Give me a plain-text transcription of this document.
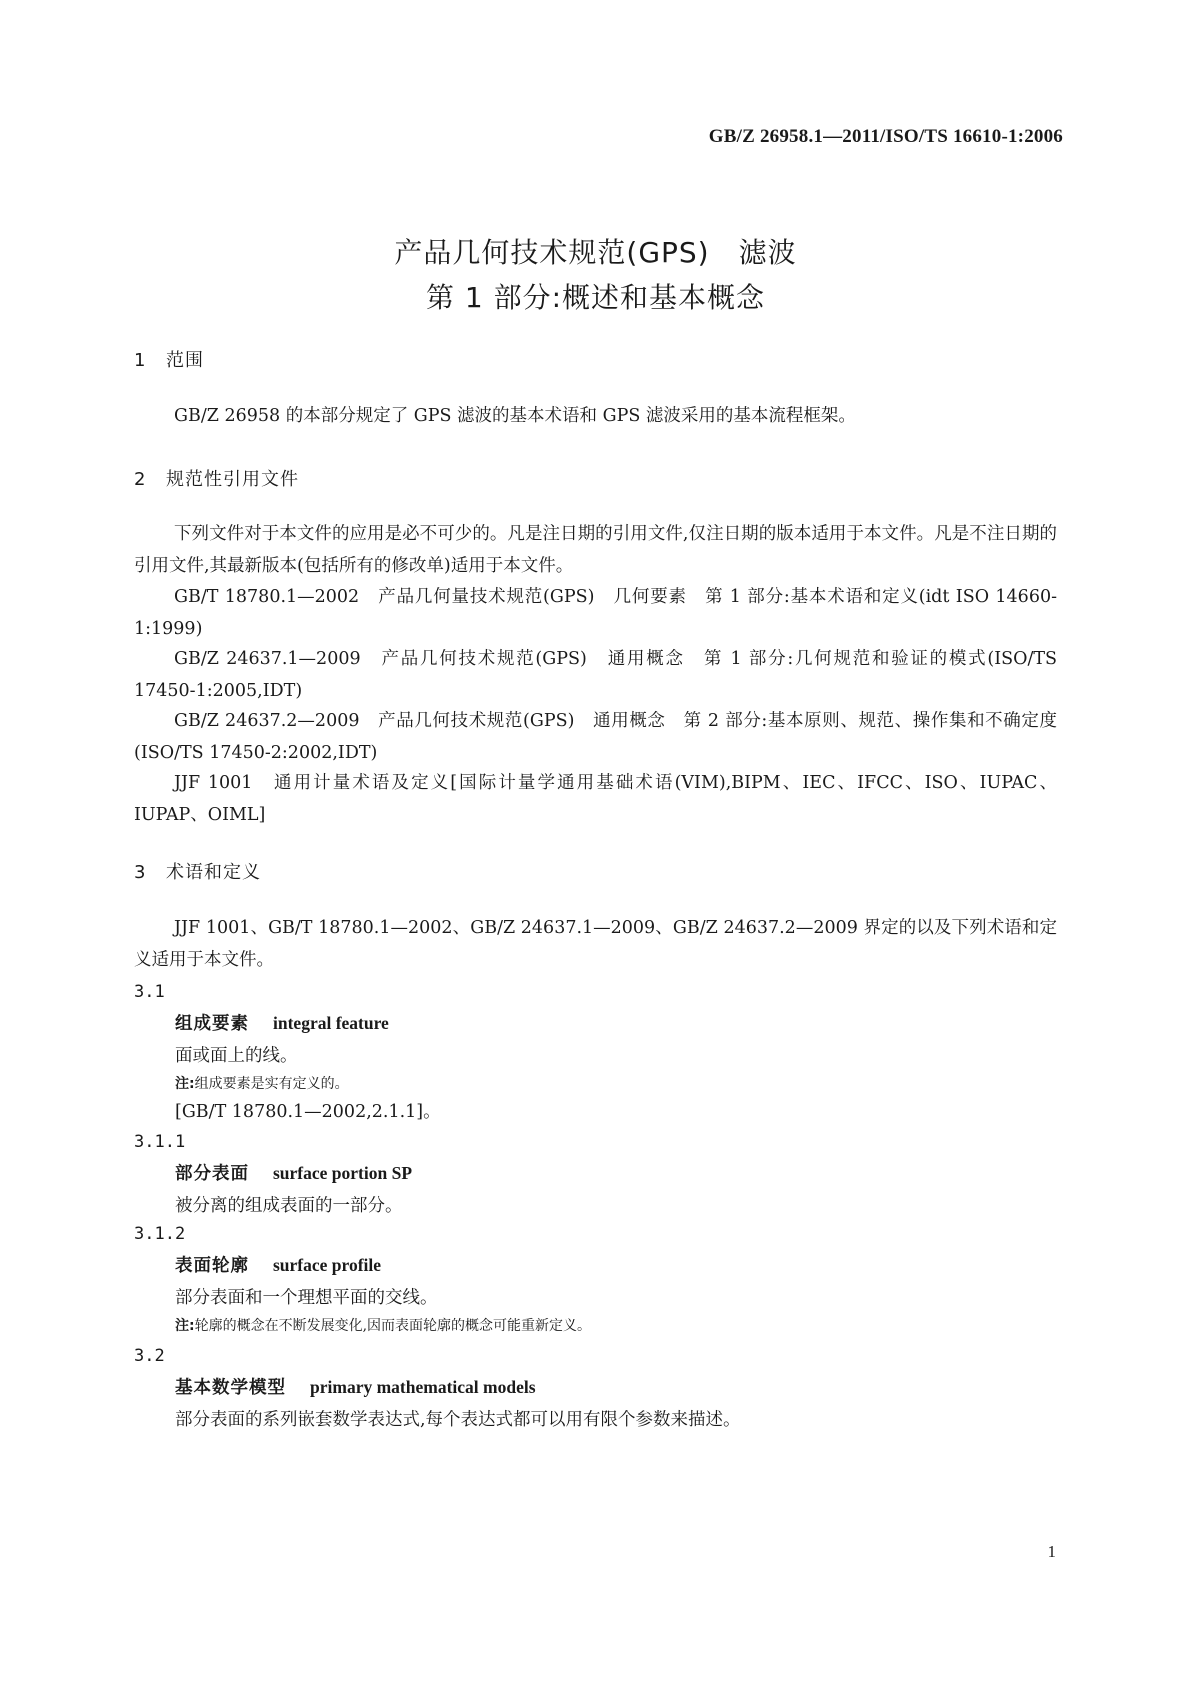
GB/Z 26958.1—2011/ISO/TS 16610-1:2006
产品几何技术规范(GPS)　滤波
第 1 部分:概述和基本概念
1 范围
GB/Z 26958 的本部分规定了 GPS 滤波的基本术语和 GPS 滤波采用的基本流程框架。
2 规范性引用文件
下列文件对于本文件的应用是必不可少的。凡是注日期的引用文件,仅注日期的版本适用于本文件。凡是不注日期的引用文件,其最新版本(包括所有的修改单)适用于本文件。
GB/T 18780.1—2002　产品几何量技术规范(GPS)　几何要素　第 1 部分:基本术语和定义(idt ISO 14660-1:1999)
GB/Z 24637.1—2009　产品几何技术规范(GPS)　通用概念　第 1 部分:几何规范和验证的模式(ISO/TS 17450-1:2005,IDT)
GB/Z 24637.2—2009　产品几何技术规范(GPS)　通用概念　第 2 部分:基本原则、规范、操作集和不确定度(ISO/TS 17450-2:2002,IDT)
JJF 1001　通用计量术语及定义[国际计量学通用基础术语(VIM),BIPM、IEC、IFCC、ISO、IUPAC、IUPAP、OIML]
3 术语和定义
JJF 1001、GB/T 18780.1—2002、GB/Z 24637.1—2009、GB/Z 24637.2—2009 界定的以及下列术语和定义适用于本文件。
3.1
组成要素 integral feature
面或面上的线。
注:组成要素是实有定义的。
[GB/T 18780.1—2002,2.1.1]。
3.1.1
部分表面 surface portion SP
被分离的组成表面的一部分。
3.1.2
表面轮廓 surface profile
部分表面和一个理想平面的交线。
注:轮廓的概念在不断发展变化,因而表面轮廓的概念可能重新定义。
3.2
基本数学模型 primary mathematical models
部分表面的系列嵌套数学表达式,每个表达式都可以用有限个参数来描述。
1
